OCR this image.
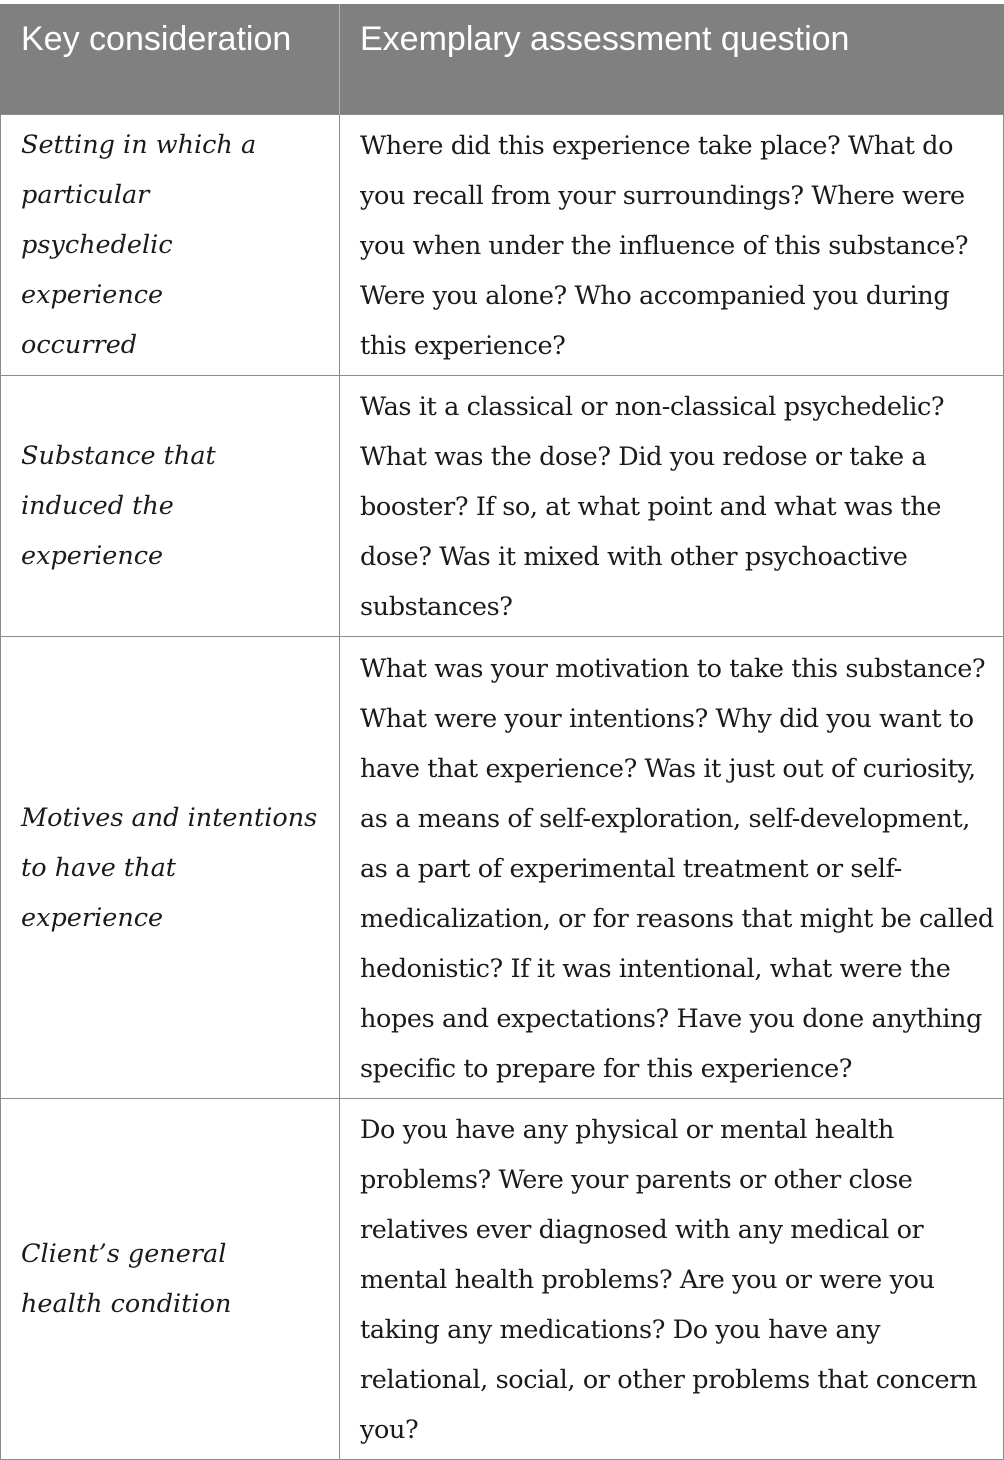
Key consideration	Exemplary assessment question
Setting in which a particular psychedelic experience occurred	Where did this experience take place? What do you recall from your surroundings? Where were you when under the influence of this substance? Were you alone? Who accompanied you during this experience?
Substance that induced the experience	Was it a classical or non-classical psychedelic? What was the dose? Did you redose or take a booster? If so, at what point and what was the dose? Was it mixed with other psychoactive substances?
Motives and intentions to have that experience	What was your motivation to take this substance? What were your intentions? Why did you want to have that experience? Was it just out of curiosity, as a means of self-exploration, self-development, as a part of experimental treatment or self-medicalization, or for reasons that might be called hedonistic? If it was intentional, what were the hopes and expectations? Have you done anything specific to prepare for this experience?
Client’s general health condition	Do you have any physical or mental health problems? Were your parents or other close relatives ever diagnosed with any medical or mental health problems? Are you or were you taking any medications? Do you have any relational, social, or other problems that concern you?
